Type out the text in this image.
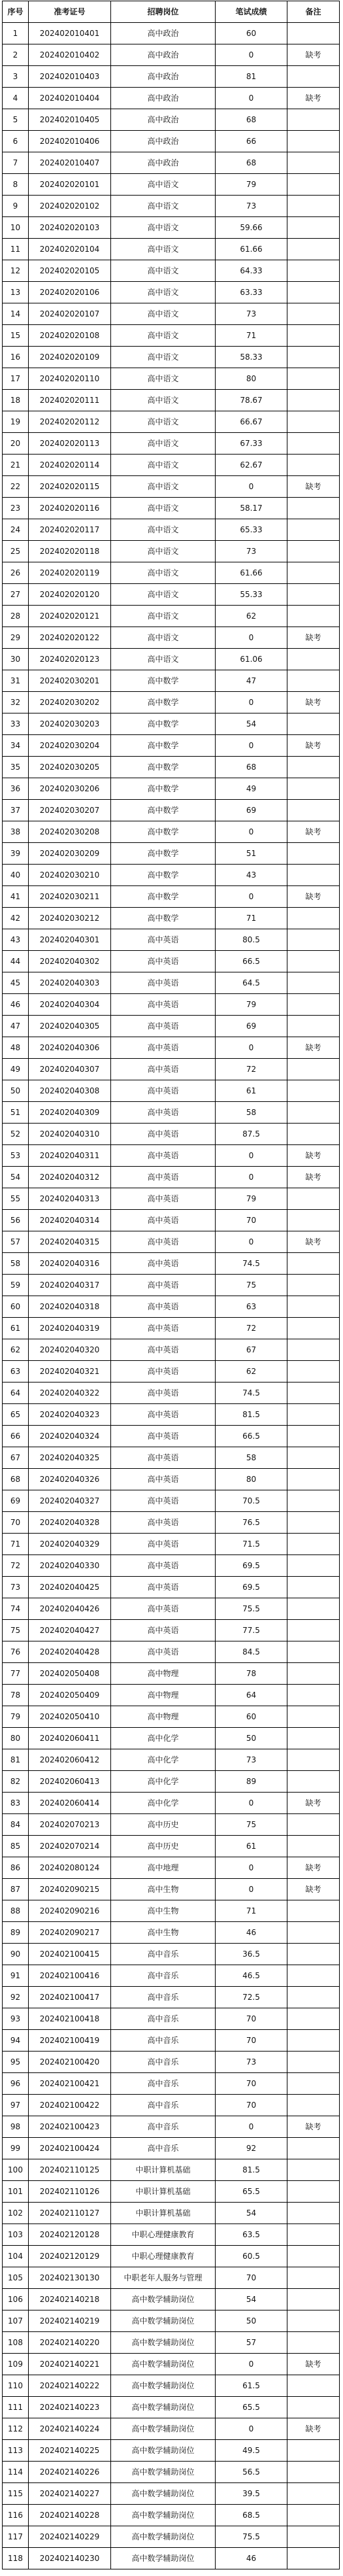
序号	准考证号	招聘岗位	笔试成绩	备注
1	202402010401	高中政治	60	
2	202402010402	高中政治	0	缺考
3	202402010403	高中政治	81	
4	202402010404	高中政治	0	缺考
5	202402010405	高中政治	68	
6	202402010406	高中政治	66	
7	202402010407	高中政治	68	
8	202402020101	高中语文	79	
9	202402020102	高中语文	73	
10	202402020103	高中语文	59.66	
11	202402020104	高中语文	61.66	
12	202402020105	高中语文	64.33	
13	202402020106	高中语文	63.33	
14	202402020107	高中语文	73	
15	202402020108	高中语文	71	
16	202402020109	高中语文	58.33	
17	202402020110	高中语文	80	
18	202402020111	高中语文	78.67	
19	202402020112	高中语文	66.67	
20	202402020113	高中语文	67.33	
21	202402020114	高中语文	62.67	
22	202402020115	高中语文	0	缺考
23	202402020116	高中语文	58.17	
24	202402020117	高中语文	65.33	
25	202402020118	高中语文	73	
26	202402020119	高中语文	61.66	
27	202402020120	高中语文	55.33	
28	202402020121	高中语文	62	
29	202402020122	高中语文	0	缺考
30	202402020123	高中语文	61.06	
31	202402030201	高中数学	47	
32	202402030202	高中数学	0	缺考
33	202402030203	高中数学	54	
34	202402030204	高中数学	0	缺考
35	202402030205	高中数学	68	
36	202402030206	高中数学	49	
37	202402030207	高中数学	69	
38	202402030208	高中数学	0	缺考
39	202402030209	高中数学	51	
40	202402030210	高中数学	43	
41	202402030211	高中数学	0	缺考
42	202402030212	高中数学	71	
43	202402040301	高中英语	80.5	
44	202402040302	高中英语	66.5	
45	202402040303	高中英语	64.5	
46	202402040304	高中英语	79	
47	202402040305	高中英语	69	
48	202402040306	高中英语	0	缺考
49	202402040307	高中英语	72	
50	202402040308	高中英语	61	
51	202402040309	高中英语	58	
52	202402040310	高中英语	87.5	
53	202402040311	高中英语	0	缺考
54	202402040312	高中英语	0	缺考
55	202402040313	高中英语	79	
56	202402040314	高中英语	70	
57	202402040315	高中英语	0	缺考
58	202402040316	高中英语	74.5	
59	202402040317	高中英语	75	
60	202402040318	高中英语	63	
61	202402040319	高中英语	72	
62	202402040320	高中英语	67	
63	202402040321	高中英语	62	
64	202402040322	高中英语	74.5	
65	202402040323	高中英语	81.5	
66	202402040324	高中英语	66.5	
67	202402040325	高中英语	58	
68	202402040326	高中英语	80	
69	202402040327	高中英语	70.5	
70	202402040328	高中英语	76.5	
71	202402040329	高中英语	71.5	
72	202402040330	高中英语	69.5	
73	202402040425	高中英语	69.5	
74	202402040426	高中英语	75.5	
75	202402040427	高中英语	77.5	
76	202402040428	高中英语	84.5	
77	202402050408	高中物理	78	
78	202402050409	高中物理	64	
79	202402050410	高中物理	60	
80	202402060411	高中化学	50	
81	202402060412	高中化学	73	
82	202402060413	高中化学	89	
83	202402060414	高中化学	0	缺考
84	202402070213	高中历史	75	
85	202402070214	高中历史	61	
86	202402080124	高中地理	0	缺考
87	202402090215	高中生物	0	缺考
88	202402090216	高中生物	71	
89	202402090217	高中生物	46	
90	202402100415	高中音乐	36.5	
91	202402100416	高中音乐	46.5	
92	202402100417	高中音乐	72.5	
93	202402100418	高中音乐	70	
94	202402100419	高中音乐	70	
95	202402100420	高中音乐	73	
96	202402100421	高中音乐	70	
97	202402100422	高中音乐	70	
98	202402100423	高中音乐	0	缺考
99	202402100424	高中音乐	92	
100	202402110125	中职计算机基础	81.5	
101	202402110126	中职计算机基础	65.5	
102	202402110127	中职计算机基础	54	
103	202402120128	中职心理健康教育	63.5	
104	202402120129	中职心理健康教育	60.5	
105	202402130130	中职老年人服务与管理	70	
106	202402140218	高中数学辅助岗位	54	
107	202402140219	高中数学辅助岗位	50	
108	202402140220	高中数学辅助岗位	57	
109	202402140221	高中数学辅助岗位	0	缺考
110	202402140222	高中数学辅助岗位	61.5	
111	202402140223	高中数学辅助岗位	65.5	
112	202402140224	高中数学辅助岗位	0	缺考
113	202402140225	高中数学辅助岗位	49.5	
114	202402140226	高中数学辅助岗位	56.5	
115	202402140227	高中数学辅助岗位	39.5	
116	202402140228	高中数学辅助岗位	68.5	
117	202402140229	高中数学辅助岗位	75.5	
118	202402140230	高中数学辅助岗位	46	
